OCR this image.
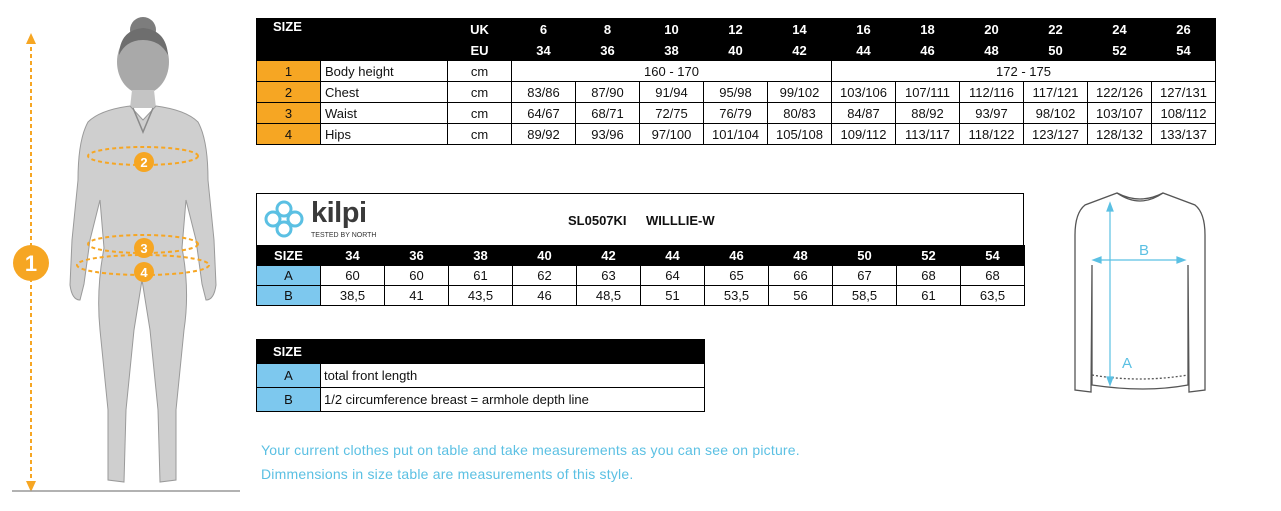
1
2
3
4
SIZE		UK	6	8	10	12	14	16	18	20	22	24	26
		EU	34	36	38	40	42	44	46	48	50	52	54
1	Body height	cm	160 - 170					172 - 175					
2	Chest	cm	83/86	87/90	91/94	95/98	99/102	103/106	107/111	112/116	117/121	122/126	127/131
3	Waist	cm	64/67	68/71	72/75	76/79	80/83	84/87	88/92	93/97	98/102	103/107	108/112
4	Hips	cm	89/92	93/96	97/100	101/104	105/108	109/112	113/117	118/122	123/127	128/132	133/137
kilpi
TESTED BY NORTH
SL0507KI WILLLIE-W
SIZE	34	36	38	40	42	44	46	48	50	52	54
A	60	60	61	62	63	64	65	66	67	68	68
B	38,5	41	43,5	46	48,5	51	53,5	56	58,5	61	63,5
SIZE	
A	total front length
B	1/2 circumference breast = armhole depth line
Your current clothes put on table and take measurements as you can see on picture.
Dimmensions in size table are measurements of this style.
A
B
